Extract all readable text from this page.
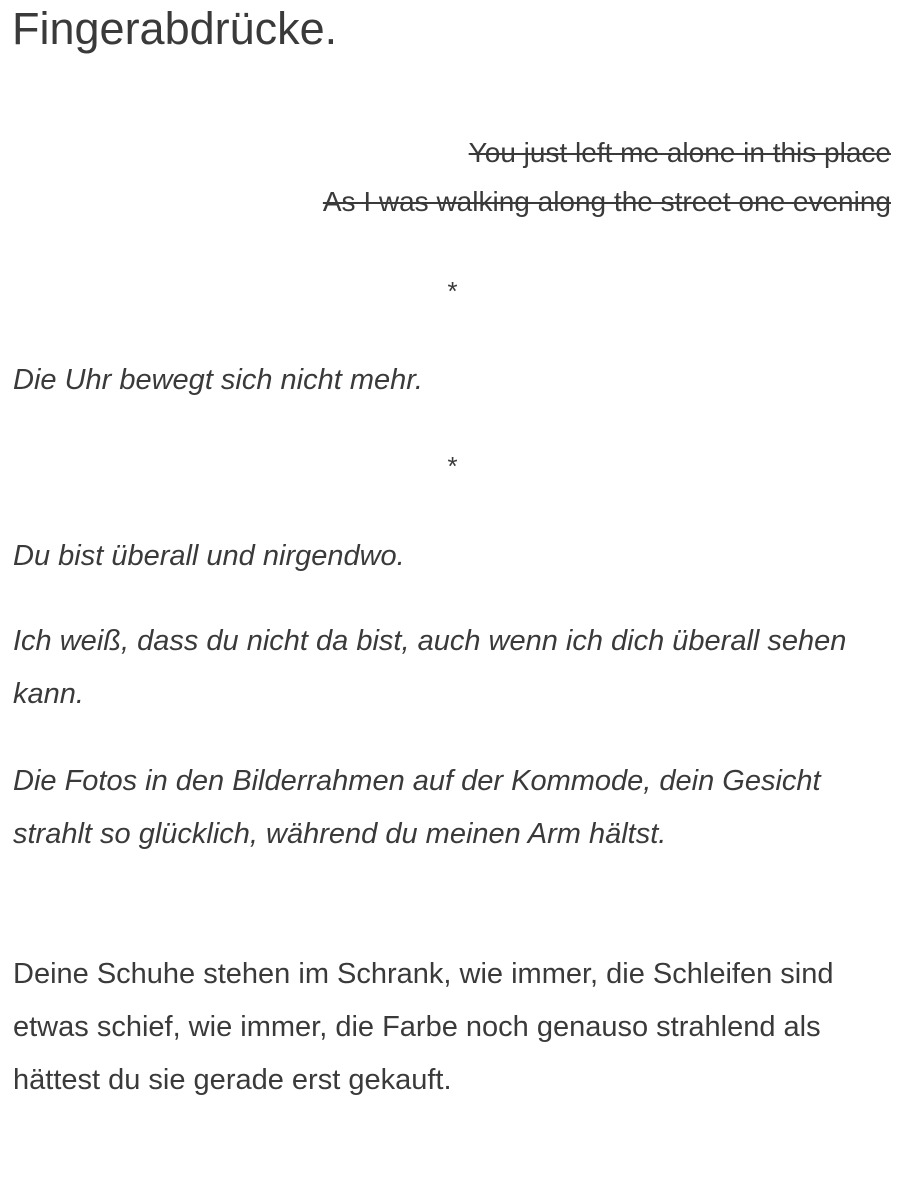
Fingerabdrücke.
You just left me alone in this place
As I was walking along the street one evening
*

Die Uhr bewegt sich nicht mehr.

*

Du bist überall und nirgendwo.

Ich weiß, dass du nicht da bist, auch wenn ich dich überall sehen kann.

Die Fotos in den Bilderrahmen auf der Kommode, dein Gesicht strahlt so glücklich, während du meinen Arm hältst.

Deine Schuhe stehen im Schrank, wie immer, die Schleifen sind etwas schief, wie immer, die Farbe noch genauso strahlend als hättest du sie gerade erst gekauft.
